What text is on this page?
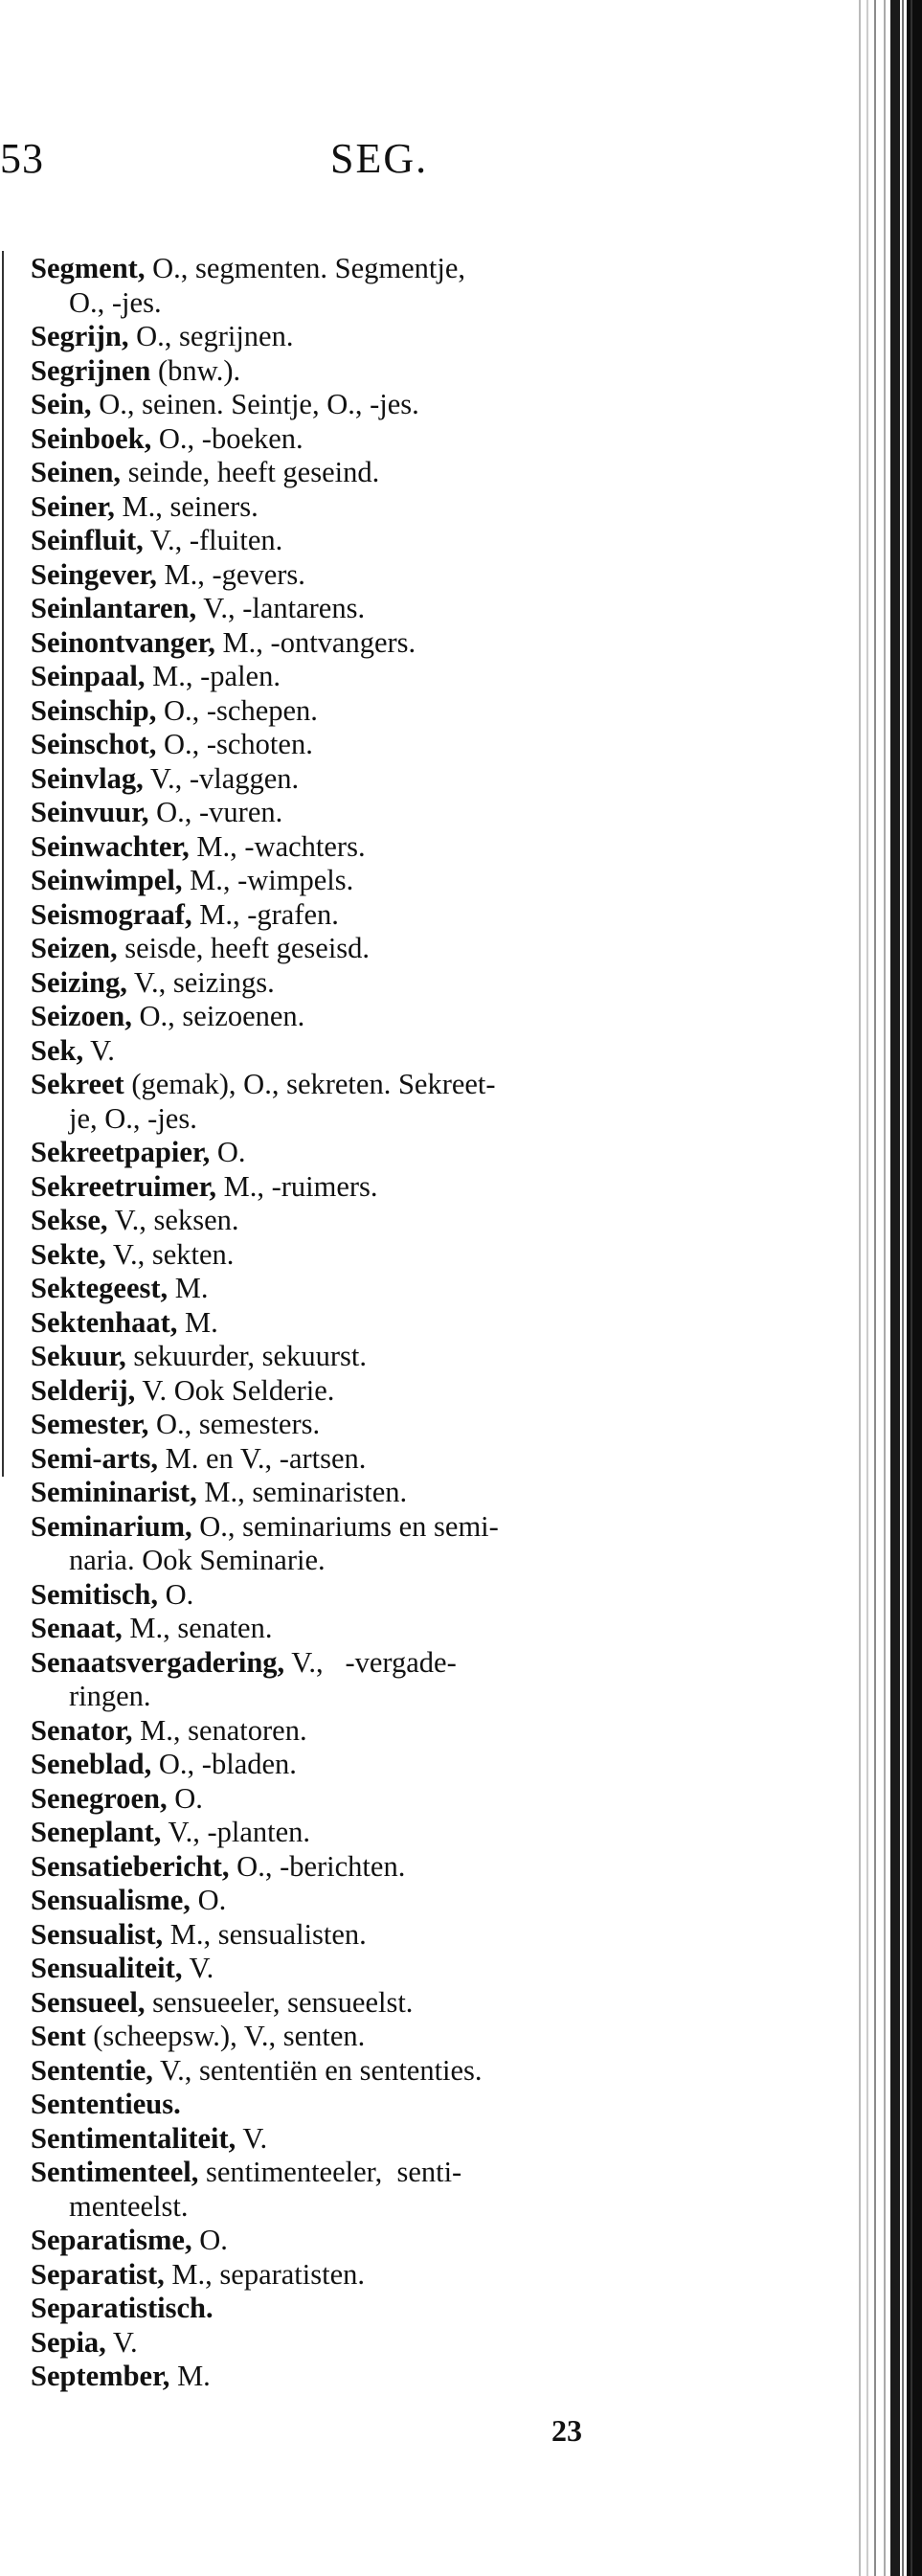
53	SEG.
Segment, O., segmenten. Segmentje,
O., -jes.
Segrijn, O., segrijnen.
Segrijnen (bnw.).
Sein, O., seinen. Seintje, O., -jes.
Seinboek, O., -boeken.
Seinen, seinde, heeft geseind.
Seiner, M., seiners.
Seinfluit, V., -fluiten.
Seingever, M., -gevers.
Seinlantaren, V., -lantarens.
Seinontvanger, M., -ontvangers.
Seinpaal, M., -palen.
Seinschip, O., -schepen.
Seinschot, O., -schoten.
Seinvlag, V., -vlaggen.
Seinvuur, O., -vuren.
Seinwachter, M., -wachters.
Seinwimpel, M., -wimpels.
Seismograaf, M., -grafen.
Seizen, seisde, heeft geseisd.
Seizing, V., seizings.
Seizoen, O., seizoenen.
Sek, V.
Sekreet (gemak), O., sekreten. Sekreet-
je, O., -jes.
Sekreetpapier, O.
Sekreetruimer, M., -ruimers.
Sekse, V., seksen.
Sekte, V., sekten.
Sektegeest, M.
Sektenhaat, M.
Sekuur, sekuurder, sekuurst.
Selderij, V. Ook Selderie.
Semester, O., semesters.
Semi-arts, M. en V., -artsen.
Semininarist, M., seminaristen.
Seminarium, O., seminariums en semi-
naria. Ook Seminarie.
Semitisch, O.
Senaat, M., senaten.
Senaatsvergadering, V.,   -vergade-
ringen.
Senator, M., senatoren.
Seneblad, O., -bladen.
Senegroen, O.
Seneplant, V., -planten.
Sensatiebericht, O., -berichten.
Sensualisme, O.
Sensualist, M., sensualisten.
Sensualiteit, V.
Sensueel, sensueeler, sensueelst.
Sent (scheepsw.), V., senten.
Sententie, V., sententiën en sententies.
Sententieus.
Sentimentaliteit, V.
Sentimenteel, sentimenteeler,  senti-
menteelst.
Separatisme, O.
Separatist, M., separatisten.
Separatistisch.
Sepia, V.
September, M.
23
